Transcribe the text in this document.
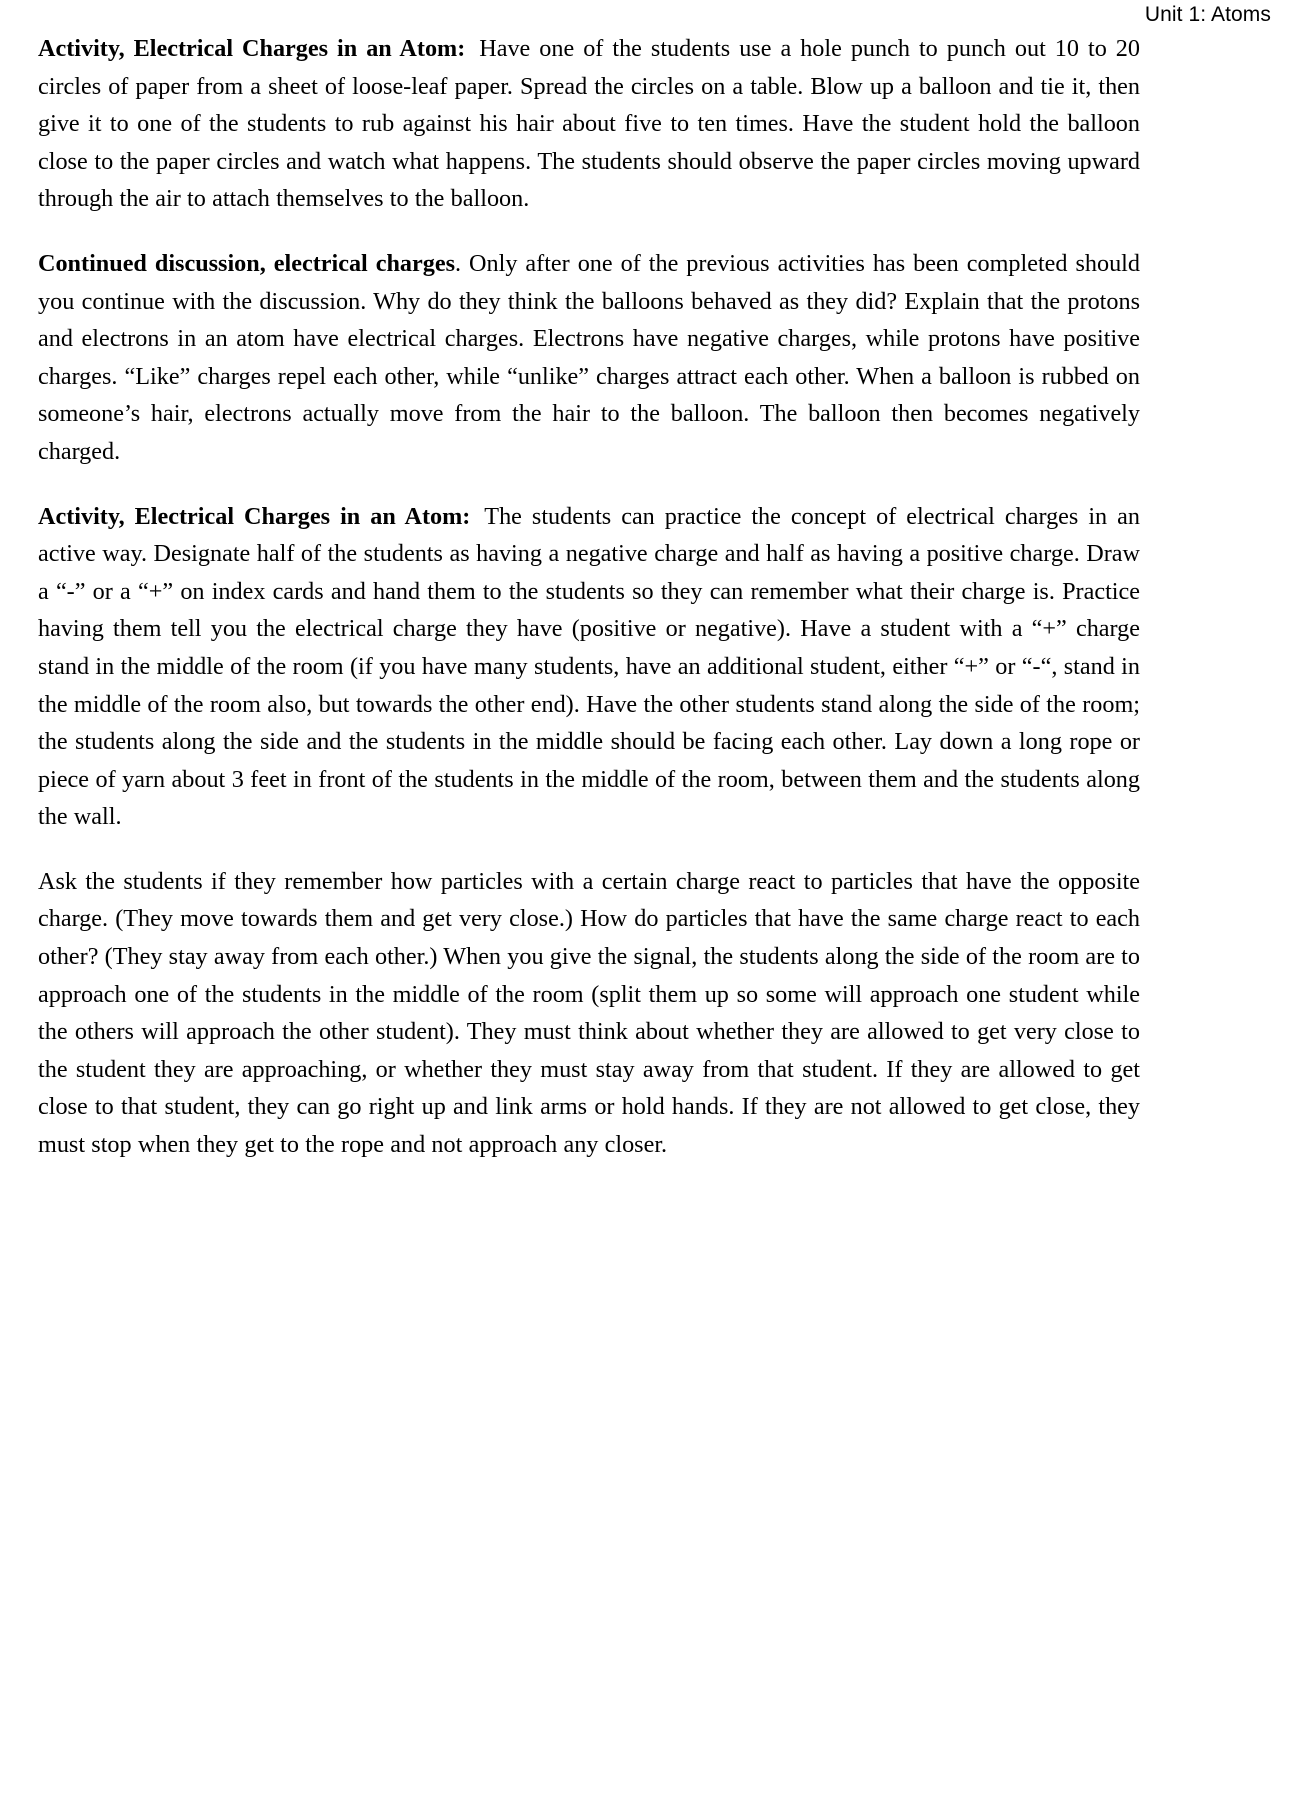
Unit 1: Atoms

Activity, Electrical Charges in an Atom: Have one of the students use a hole punch to punch out 10 to 20 circles of paper from a sheet of loose-leaf paper. Spread the circles on a table. Blow up a balloon and tie it, then give it to one of the students to rub against his hair about five to ten times. Have the student hold the balloon close to the paper circles and watch what happens. The students should observe the paper circles moving upward through the air to attach themselves to the balloon.

Continued discussion, electrical charges. Only after one of the previous activities has been completed should you continue with the discussion. Why do they think the balloons behaved as they did? Explain that the protons and electrons in an atom have electrical charges. Electrons have negative charges, while protons have positive charges. “Like” charges repel each other, while “unlike” charges attract each other. When a balloon is rubbed on someone’s hair, electrons actually move from the hair to the balloon. The balloon then becomes negatively charged.

Activity, Electrical Charges in an Atom: The students can practice the concept of electrical charges in an active way. Designate half of the students as having a negative charge and half as having a positive charge. Draw a “-” or a “+” on index cards and hand them to the students so they can remember what their charge is. Practice having them tell you the electrical charge they have (positive or negative). Have a student with a “+” charge stand in the middle of the room (if you have many students, have an additional student, either “+” or “-“, stand in the middle of the room also, but towards the other end). Have the other students stand along the side of the room; the students along the side and the students in the middle should be facing each other. Lay down a long rope or piece of yarn about 3 feet in front of the students in the middle of the room, between them and the students along the wall.

Ask the students if they remember how particles with a certain charge react to particles that have the opposite charge. (They move towards them and get very close.) How do particles that have the same charge react to each other? (They stay away from each other.) When you give the signal, the students along the side of the room are to approach one of the students in the middle of the room (split them up so some will approach one student while the others will approach the other student). They must think about whether they are allowed to get very close to the student they are approaching, or whether they must stay away from that student. If they are allowed to get close to that student, they can go right up and link arms or hold hands. If they are not allowed to get close, they must stop when they get to the rope and not approach any closer.
